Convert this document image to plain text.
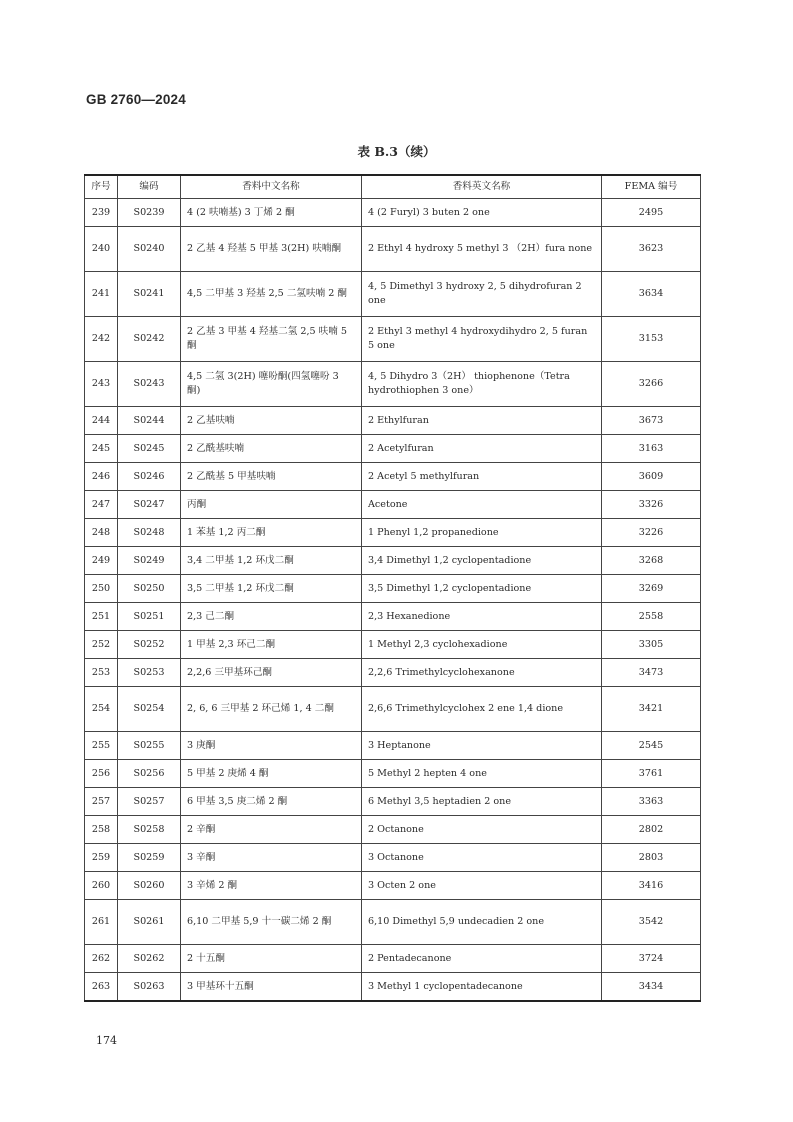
GB 2760—2024
表 B.3（续）
序号	编码	香料中文名称	香料英文名称	FEMA 编号
239	S0239	4 (2 呋喃基) 3 丁烯 2 酮	4 (2 Furyl) 3 buten 2 one	2495
240	S0240	2 乙基 4 羟基 5 甲基 3(2H) 呋喃酮	2 Ethyl 4 hydroxy 5 methyl 3 （2H）fura none	3623
241	S0241	4,5 二甲基 3 羟基 2,5 二氢呋喃 2 酮	4, 5 Dimethyl 3 hydroxy 2, 5 dihydrofuran 2 one	3634
242	S0242	2 乙基 3 甲基 4 羟基二氢 2,5 呋喃 5 酮	2 Ethyl 3 methyl 4 hydroxydihydro 2, 5 furan 5 one	3153
243	S0243	4,5 二氢 3(2H) 噻吩酮(四氢噻吩 3 酮)	4, 5 Dihydro 3（2H） thiophenone（Tetra hydrothiophen 3 one）	3266
244	S0244	2 乙基呋喃	2 Ethylfuran	3673
245	S0245	2 乙酰基呋喃	2 Acetylfuran	3163
246	S0246	2 乙酰基 5 甲基呋喃	2 Acetyl 5 methylfuran	3609
247	S0247	丙酮	Acetone	3326
248	S0248	1 苯基 1,2 丙二酮	1 Phenyl 1,2 propanedione	3226
249	S0249	3,4 二甲基 1,2 环戊二酮	3,4 Dimethyl 1,2 cyclopentadione	3268
250	S0250	3,5 二甲基 1,2 环戊二酮	3,5 Dimethyl 1,2 cyclopentadione	3269
251	S0251	2,3 己二酮	2,3 Hexanedione	2558
252	S0252	1 甲基 2,3 环己二酮	1 Methyl 2,3 cyclohexadione	3305
253	S0253	2,2,6 三甲基环己酮	2,2,6 Trimethylcyclohexanone	3473
254	S0254	2, 6, 6 三甲基 2 环己烯 1, 4 二酮	2,6,6 Trimethylcyclohex 2 ene 1,4 dione	3421
255	S0255	3 庚酮	3 Heptanone	2545
256	S0256	5 甲基 2 庚烯 4 酮	5 Methyl 2 hepten 4 one	3761
257	S0257	6 甲基 3,5 庚二烯 2 酮	6 Methyl 3,5 heptadien 2 one	3363
258	S0258	2 辛酮	2 Octanone	2802
259	S0259	3 辛酮	3 Octanone	2803
260	S0260	3 辛烯 2 酮	3 Octen 2 one	3416
261	S0261	6,10 二甲基 5,9 十一碳二烯 2 酮	6,10 Dimethyl 5,9 undecadien 2 one	3542
262	S0262	2 十五酮	2 Pentadecanone	3724
263	S0263	3 甲基环十五酮	3 Methyl 1 cyclopentadecanone	3434
174
